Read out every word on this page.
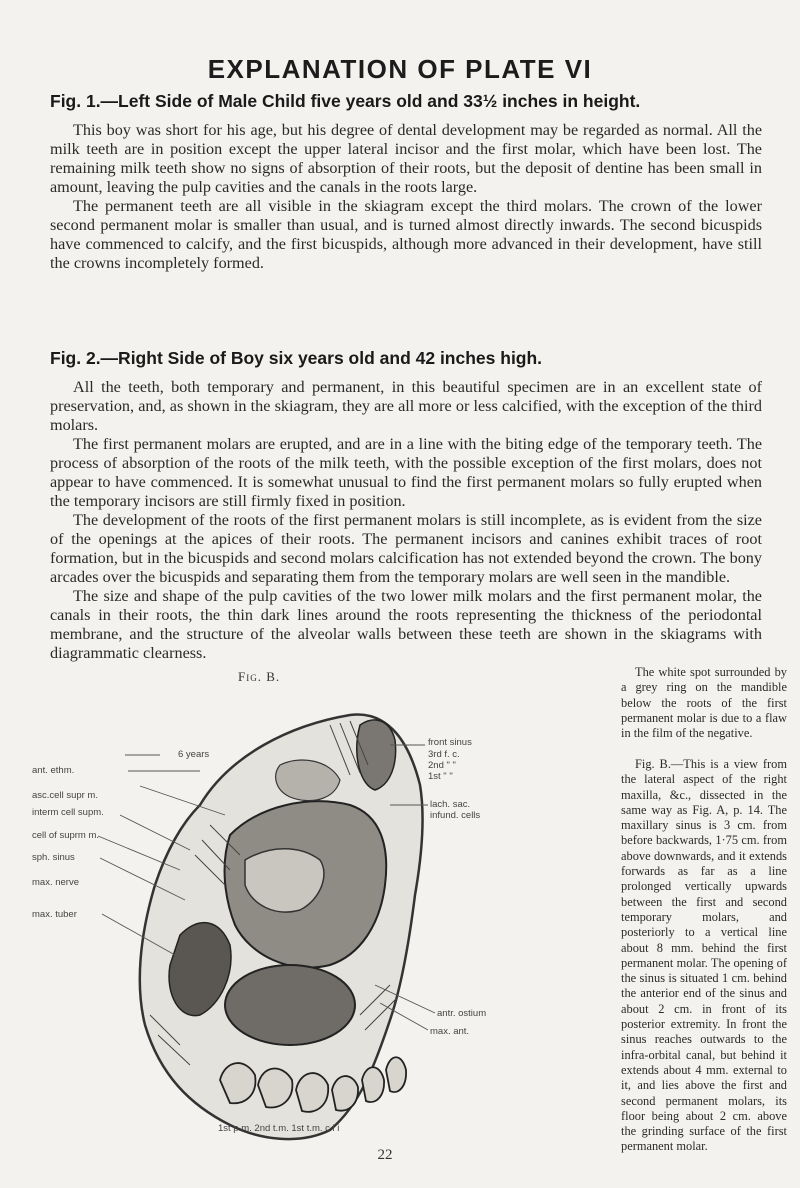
EXPLANATION OF PLATE VI
Fig. 1.—Left Side of Male Child five years old and 33½ inches in height.

This boy was short for his age, but his degree of dental development may be regarded as normal. All the milk teeth are in position except the upper lateral incisor and the first molar, which have been lost. The remaining milk teeth show no signs of absorption of their roots, but the deposit of dentine has been small in amount, leaving the pulp cavities and the canals in the roots large.

The permanent teeth are all visible in the skiagram except the third molars. The crown of the lower second permanent molar is smaller than usual, and is turned almost directly inwards. The second bicuspids have commenced to calcify, and the first bicuspids, although more advanced in their development, have still the crowns incompletely formed.

Fig. 2.—Right Side of Boy six years old and 42 inches high.

All the teeth, both temporary and permanent, in this beautiful specimen are in an excellent state of preservation, and, as shown in the skiagram, they are all more or less calcified, with the exception of the third molars.

The first permanent molars are erupted, and are in a line with the biting edge of the temporary teeth. The process of absorption of the roots of the milk teeth, with the possible exception of the first molars, does not appear to have commenced. It is somewhat unusual to find the first permanent molars so fully erupted when the temporary incisors are still firmly fixed in position.

The development of the roots of the first permanent molars is still incomplete, as is evident from the size of the openings at the apices of their roots. The permanent incisors and canines exhibit traces of root formation, but in the bicuspids and second molars calcification has not extended beyond the crown. The bony arcades over the bicuspids and separating them from the temporary molars are well seen in the mandible.

The size and shape of the pulp cavities of the two lower milk molars and the first permanent molar, the canals in their roots, the thin dark lines around the roots representing the thickness of the periodontal membrane, and the structure of the alveolar walls between these teeth are shown in the skiagrams with diagrammatic clearness.

Fig. B.
6 years
ant. ethm.
asc.cell supr m.
interm cell supm.
cell of suprm m.
sph. sinus
max. nerve
max. tuber
front sinus
3rd f. c.
2nd " "
1st " "
lach. sac.
infund. cells
antr. ostium
max. ant.
1st p.m. 2nd t.m. 1st t.m. c i i

The white spot surrounded by a grey ring on the mandible below the roots of the first permanent molar is due to a flaw in the film of the negative.

Fig. B.—This is a view from the lateral aspect of the right maxilla, &c., dissected in the same way as Fig. A, p. 14. The maxillary sinus is 3 cm. from before backwards, 1·75 cm. from above downwards, and it extends forwards as far as a line prolonged vertically upwards between the first and second temporary molars, and posteriorly to a vertical line about 8 mm. behind the first permanent molar. The opening of the sinus is situated 1 cm. behind the anterior end of the sinus and about 2 cm. in front of its posterior extremity. In front the sinus reaches outwards to the infra-orbital canal, but behind it extends about 4 mm. external to it, and lies above the first and second permanent molars, its floor being about 2 cm. above the grinding surface of the first permanent molar.

22
